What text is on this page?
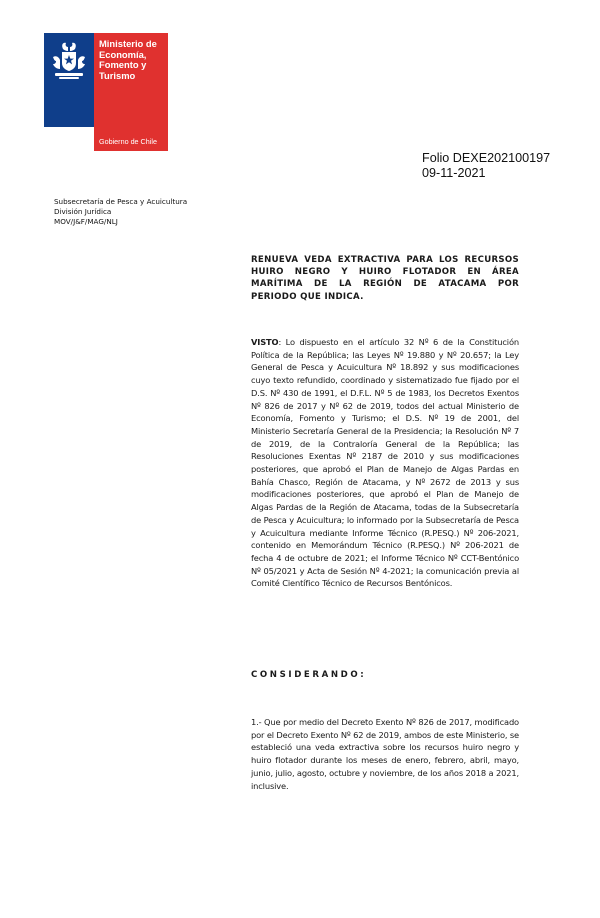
Ministerio de
Economía,
Fomento y
Turismo
Gobierno de Chile
Folio DEXE202100197
09-11-2021
Subsecretaría de Pesca y Acuicultura
División Jurídica
MOV/J&F/MAG/NLJ
RENUEVA VEDA EXTRACTIVA PARA LOS RECURSOS HUIRO NEGRO Y HUIRO FLOTADOR EN ÁREA MARÍTIMA DE LA REGIÓN DE ATACAMA POR PERIODO QUE INDICA.
VISTO: Lo dispuesto en el artículo 32 Nº 6 de la Constitución Política de la República; las Leyes Nº 19.880 y Nº 20.657; la Ley General de Pesca y Acuicultura Nº 18.892 y sus modificaciones cuyo texto refundido, coordinado y sistematizado fue fijado por el D.S. Nº 430 de 1991, el D.F.L. Nº 5 de 1983, los Decretos Exentos Nº 826 de 2017 y Nº 62 de 2019, todos del actual Ministerio de Economía, Fomento y Turismo; el D.S. Nº 19 de 2001, del Ministerio Secretaría General de la Presidencia; la Resolución Nº 7 de 2019, de la Contraloría General de la República; las Resoluciones Exentas Nº 2187 de 2010 y sus modificaciones posteriores, que aprobó el Plan de Manejo de Algas Pardas en Bahía Chasco, Región de Atacama, y Nº 2672 de 2013 y sus modificaciones posteriores, que aprobó el Plan de Manejo de Algas Pardas de la Región de Atacama, todas de la Subsecretaría de Pesca y Acuicultura; lo informado por la Subsecretaría de Pesca y Acuicultura mediante Informe Técnico (R.PESQ.) Nº 206-2021, contenido en Memorándum Técnico (R.PESQ.) Nº 206-2021 de fecha 4 de octubre de 2021; el Informe Técnico Nº CCT-Bentónico Nº 05/2021 y Acta de Sesión Nº 4-2021; la comunicación previa al Comité Científico Técnico de Recursos Bentónicos.
CONSIDERANDO:
1.- Que por medio del Decreto Exento Nº 826 de 2017, modificado por el Decreto Exento Nº 62 de 2019, ambos de este Ministerio, se estableció una veda extractiva sobre los recursos huiro negro y huiro flotador durante los meses de enero, febrero, abril, mayo, junio, julio, agosto, octubre y noviembre, de los años 2018 a 2021, inclusive.
